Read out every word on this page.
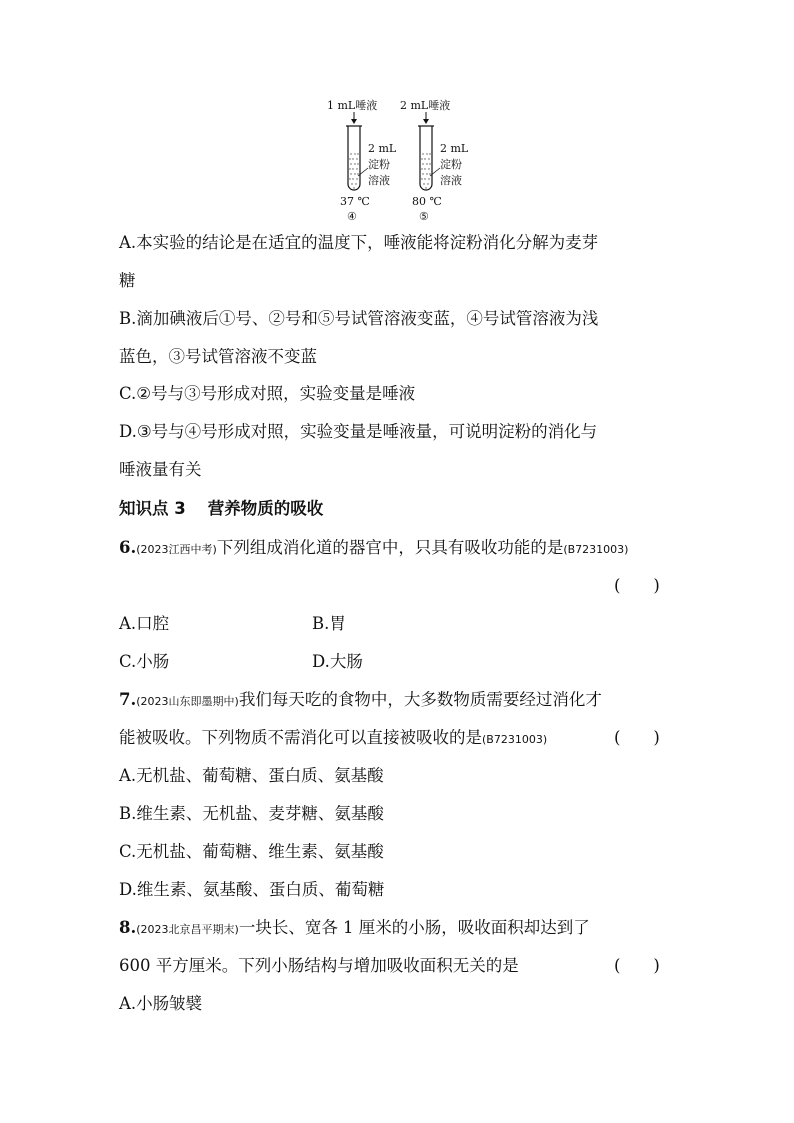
1 mL唾液
2 mL
淀粉
溶液
37 ℃
④
2 mL唾液
2 mL
淀粉
溶液
80 ℃
⑤
A.本实验的结论是在适宜的温度下，唾液能将淀粉消化分解为麦芽
糖
B.滴加碘液后①号、②号和⑤号试管溶液变蓝，④号试管溶液为浅
蓝色，③号试管溶液不变蓝
C.②号与③号形成对照，实验变量是唾液
D.③号与④号形成对照，实验变量是唾液量，可说明淀粉的消化与
唾液量有关
知识点 3 营养物质的吸收
6.(2023江西中考)下列组成消化道的器官中，只具有吸收功能的是(B7231003)
(　　)
A.口腔	B.胃
C.小肠	D.大肠
7.(2023山东即墨期中)我们每天吃的食物中，大多数物质需要经过消化才
能被吸收。下列物质不需消化可以直接被吸收的是(B7231003)	(　　)
A.无机盐、葡萄糖、蛋白质、氨基酸
B.维生素、无机盐、麦芽糖、氨基酸
C.无机盐、葡萄糖、维生素、氨基酸
D.维生素、氨基酸、蛋白质、葡萄糖
8.(2023北京昌平期末)一块长、宽各 1 厘米的小肠，吸收面积却达到了
600 平方厘米。下列小肠结构与增加吸收面积无关的是	(　　)
A.小肠皱襞
